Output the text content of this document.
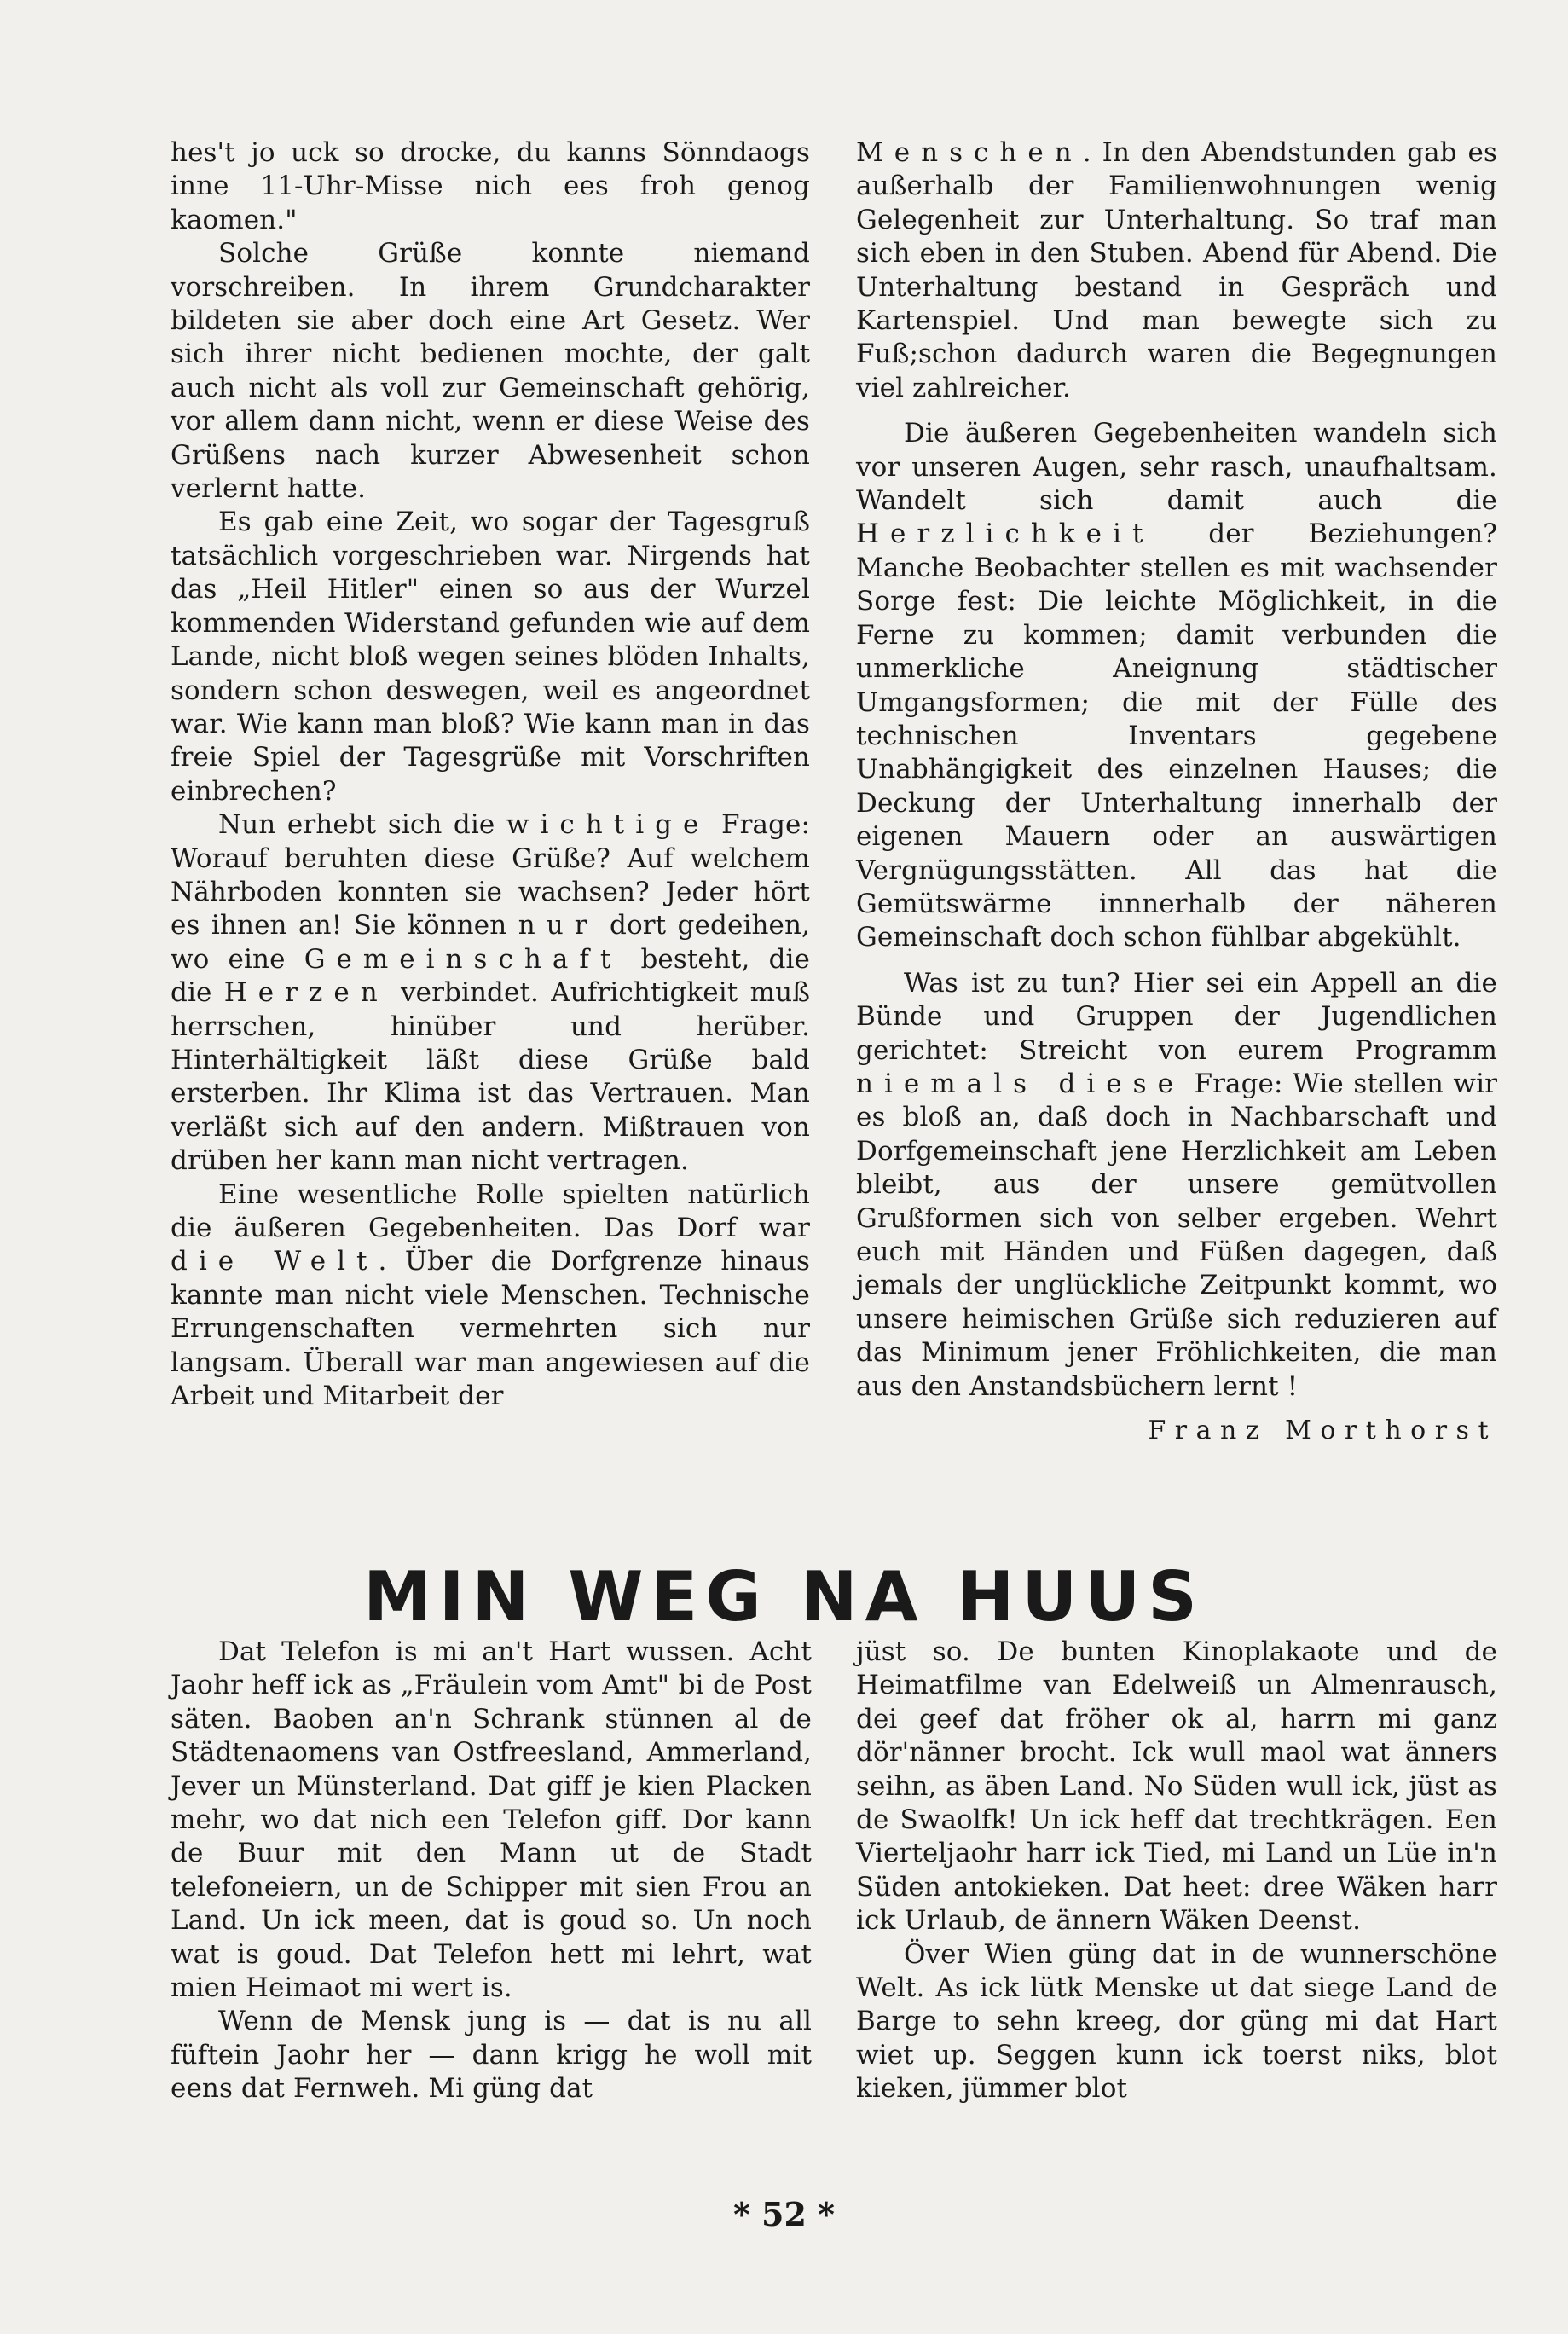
hes't jo uck so drocke, du kanns Sönndaogs inne 11-Uhr-Misse nich ees froh genog kaomen."

Solche Grüße konnte niemand vorschreiben. In ihrem Grundcharakter bildeten sie aber doch eine Art Gesetz. Wer sich ihrer nicht bedienen mochte, der galt auch nicht als voll zur Gemeinschaft gehörig, vor allem dann nicht, wenn er diese Weise des Grüßens nach kurzer Abwesenheit schon verlernt hatte.

Es gab eine Zeit, wo sogar der Tagesgruß tatsächlich vorgeschrieben war. Nirgends hat das „Heil Hitler" einen so aus der Wurzel kommenden Widerstand gefunden wie auf dem Lande, nicht bloß wegen seines blöden Inhalts, sondern schon deswegen, weil es angeordnet war. Wie kann man bloß? Wie kann man in das freie Spiel der Tagesgrüße mit Vorschriften einbrechen?

Nun erhebt sich die wichtige Frage: Worauf beruhten diese Grüße? Auf welchem Nährboden konnten sie wachsen? Jeder hört es ihnen an! Sie können nur dort gedeihen, wo eine Gemeinschaft besteht, die die Herzen verbindet. Aufrichtigkeit muß herrschen, hinüber und herüber. Hinterhältigkeit läßt diese Grüße bald ersterben. Ihr Klima ist das Vertrauen. Man verläßt sich auf den andern. Mißtrauen von drüben her kann man nicht vertragen.

Eine wesentliche Rolle spielten natürlich die äußeren Gegebenheiten. Das Dorf war die Welt. Über die Dorfgrenze hinaus kannte man nicht viele Menschen. Technische Errungenschaften vermehrten sich nur langsam. Überall war man angewiesen auf die Arbeit und Mitarbeit der

Menschen. In den Abendstunden gab es außerhalb der Familienwohnungen wenig Gelegenheit zur Unterhaltung. So traf man sich eben in den Stuben. Abend für Abend. Die Unterhaltung bestand in Gespräch und Kartenspiel. Und man bewegte sich zu Fuß;schon dadurch waren die Begegnungen viel zahlreicher.

Die äußeren Gegebenheiten wandeln sich vor unseren Augen, sehr rasch, unaufhaltsam. Wandelt sich damit auch die Herzlichkeit der Beziehungen? Manche Beobachter stellen es mit wachsender Sorge fest: Die leichte Möglichkeit, in die Ferne zu kommen; damit verbunden die unmerkliche Aneignung städtischer Umgangsformen; die mit der Fülle des technischen Inventars gegebene Unabhängigkeit des einzelnen Hauses; die Deckung der Unterhaltung innerhalb der eigenen Mauern oder an auswärtigen Vergnügungsstätten. All das hat die Gemütswärme innnerhalb der näheren Gemeinschaft doch schon fühlbar abgekühlt.

Was ist zu tun? Hier sei ein Appell an die Bünde und Gruppen der Jugendlichen gerichtet: Streicht von eurem Programm niemals diese Frage: Wie stellen wir es bloß an, daß doch in Nachbarschaft und Dorfgemeinschaft jene Herzlichkeit am Leben bleibt, aus der unsere gemütvollen Grußformen sich von selber ergeben. Wehrt euch mit Händen und Füßen dagegen, daß jemals der unglückliche Zeitpunkt kommt, wo unsere heimischen Grüße sich reduzieren auf das Minimum jener Fröhlichkeiten, die man aus den Anstandsbüchern lernt !

Franz Morthorst
MIN WEG NA HUUS

Dat Telefon is mi an't Hart wussen. Acht Jaohr heff ick as „Fräulein vom Amt" bi de Post säten. Baoben an'n Schrank stünnen al de Städtenaomens van Ostfreesland, Ammerland, Jever un Münsterland. Dat giff je kien Placken mehr, wo dat nich een Telefon giff. Dor kann de Buur mit den Mann ut de Stadt telefoneiern, un de Schipper mit sien Frou an Land. Un ick meen, dat is goud so. Un noch wat is goud. Dat Telefon hett mi lehrt, wat mien Heimaot mi wert is.

Wenn de Mensk jung is — dat is nu all füftein Jaohr her — dann krigg he woll mit eens dat Fernweh. Mi güng dat

jüst so. De bunten Kinoplakaote und de Heimatfilme van Edelweiß un Almenrausch, dei geef dat fröher ok al, harrn mi ganz dör'nänner brocht. Ick wull maol wat änners seihn, as äben Land. No Süden wull ick, jüst as de Swaolfk! Un ick heff dat trechtkrägen. Een Vierteljaohr harr ick Tied, mi Land un Lüe in'n Süden antokieken. Dat heet: dree Wäken harr ick Urlaub, de ännern Wäken Deenst.

Över Wien güng dat in de wunnerschöne Welt. As ick lütk Menske ut dat siege Land de Barge to sehn kreeg, dor güng mi dat Hart wiet up. Seggen kunn ick toerst niks, blot kieken, jümmer blot

* 52 *
